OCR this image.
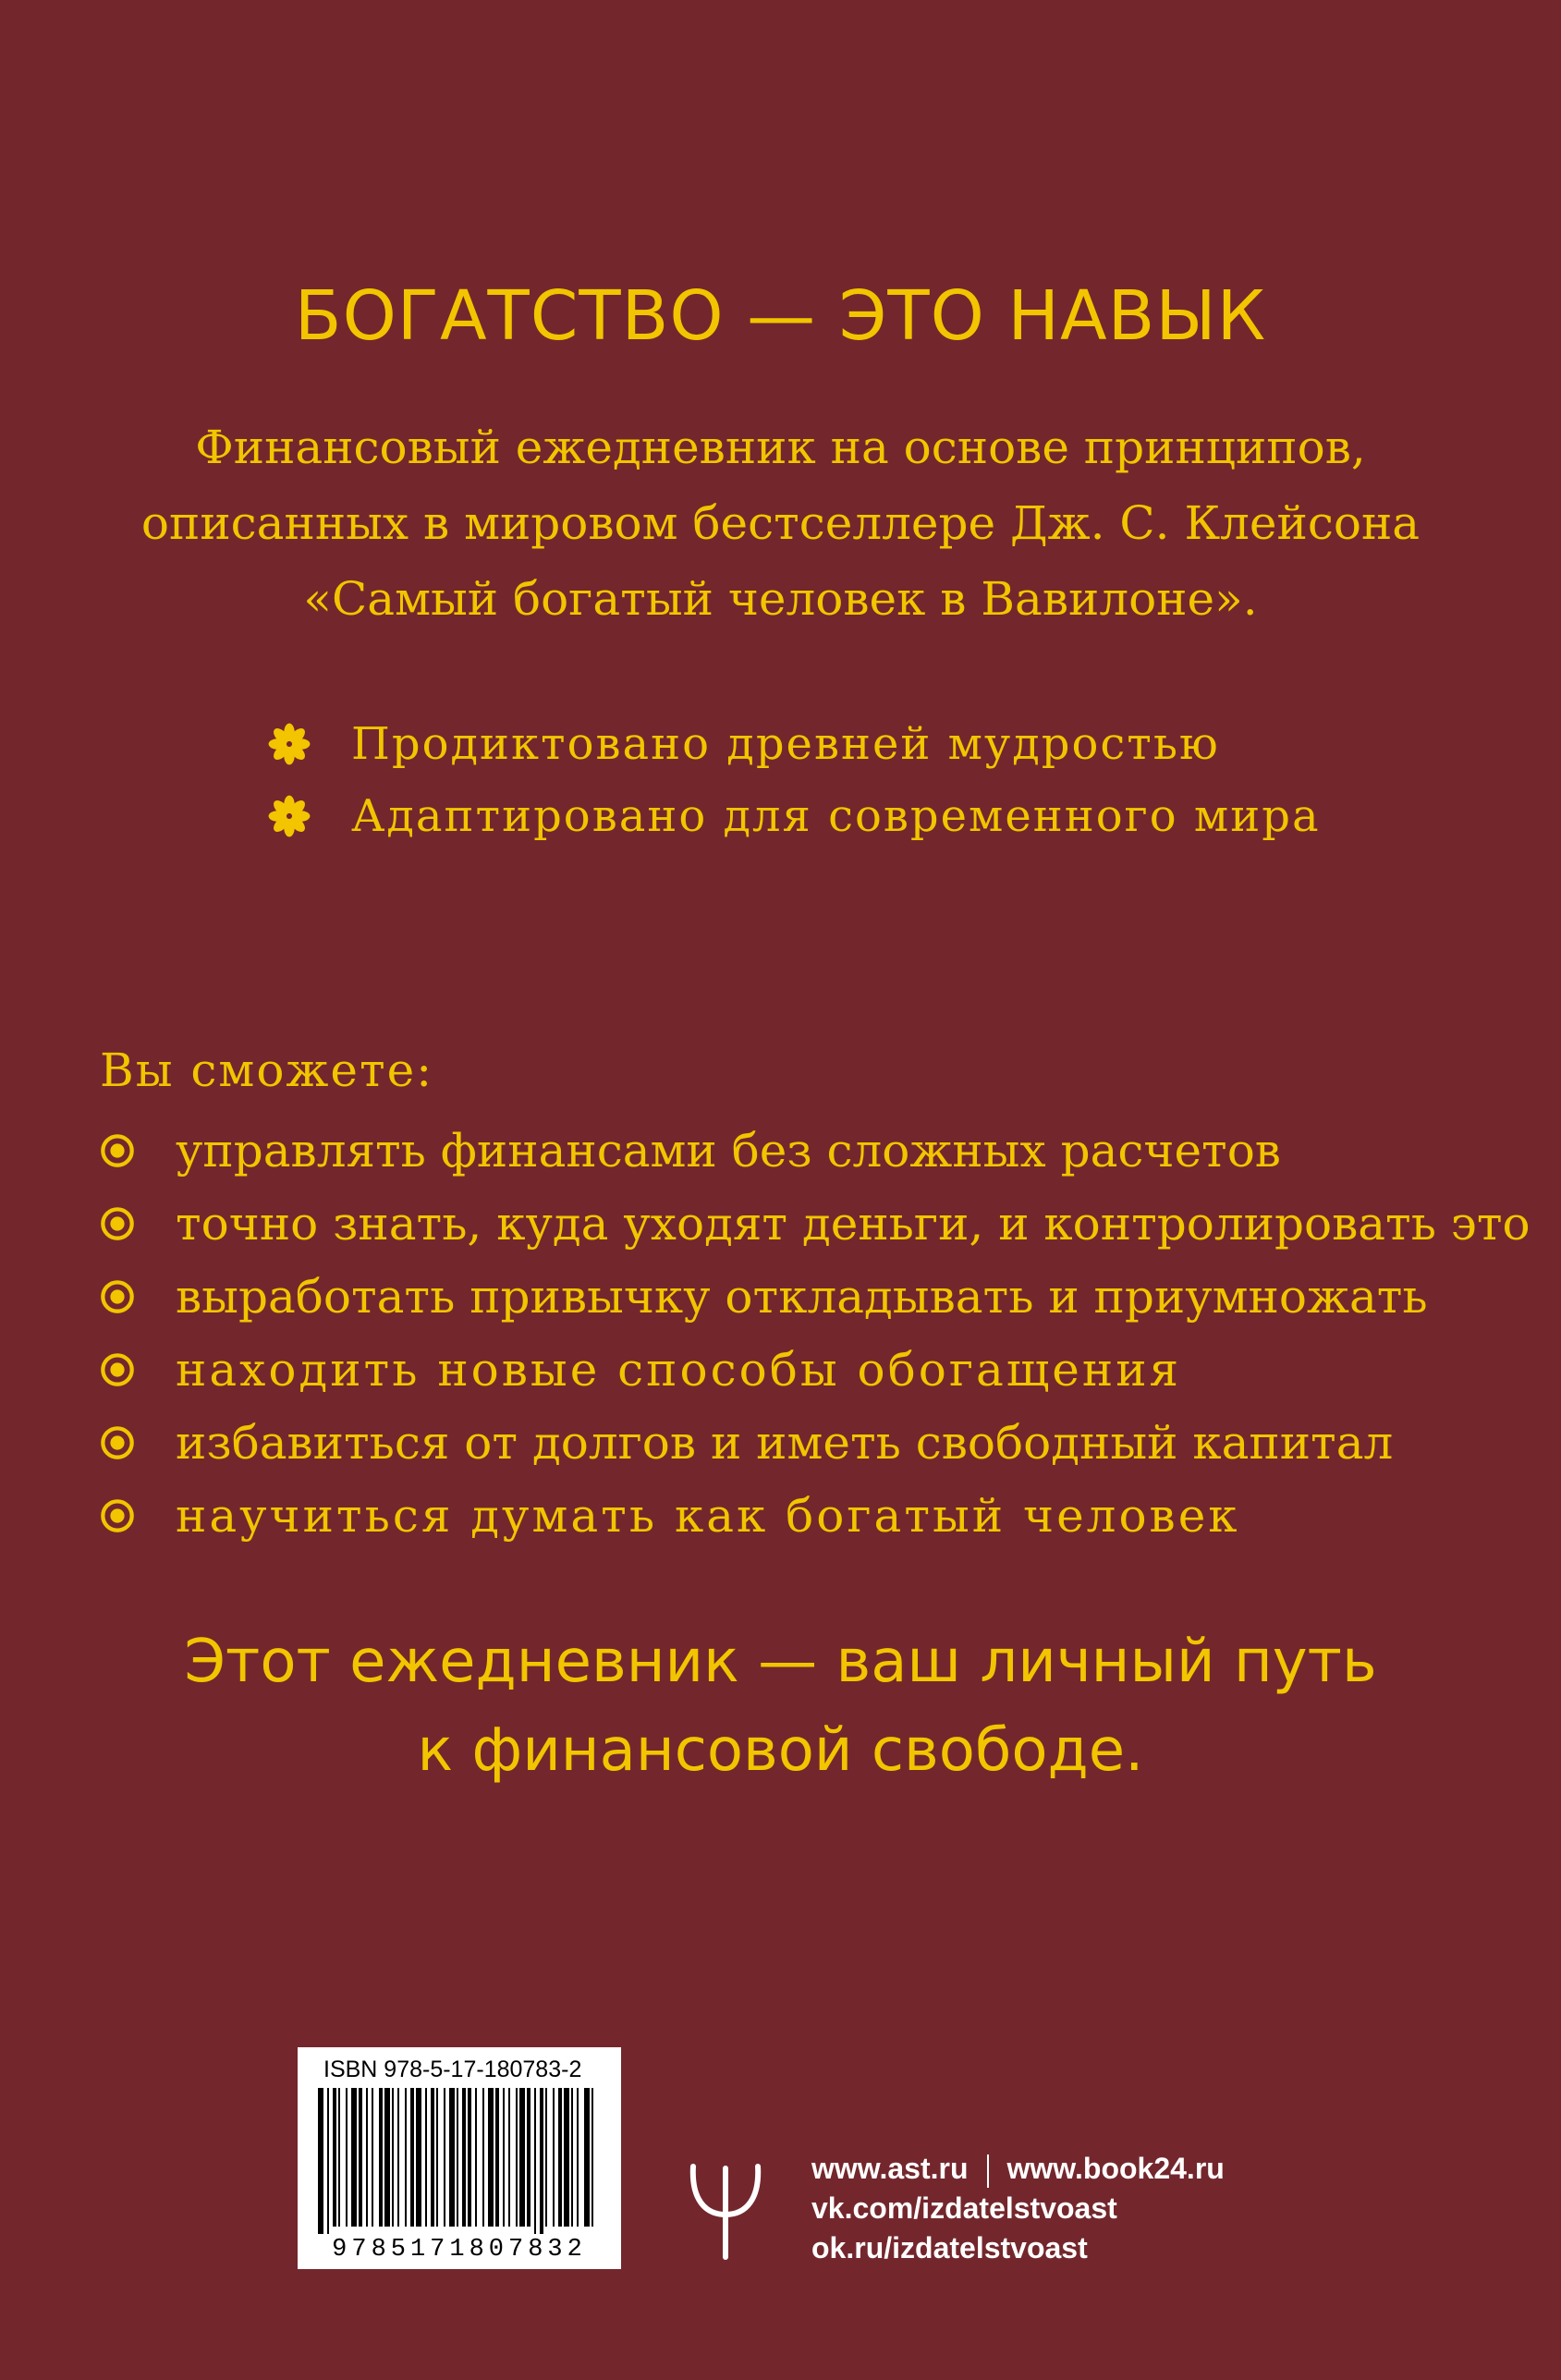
БОГАТСТВО — ЭТО НАВЫК
Финансовый ежедневник на основе принципов,
описанных в мировом бестселлере Дж. С. Клейсона
«Самый богатый человек в Вавилоне».
Продиктовано древней мудростью
Адаптировано для современного мира
Вы сможете:
управлять финансами без сложных расчетов
точно знать, куда уходят деньги, и контролировать это
выработать привычку откладывать и приумножать
находить новые способы обогащения
избавиться от долгов и иметь свободный капитал
научиться думать как богатый человек
Этот ежедневник — ваш личный путь
к финансовой свободе.
ISBN 978-5-17-180783-2
9785171807832
www.ast.ru www.book24.ru
vk.com/izdatelstvoast
ok.ru/izdatelstvoast
